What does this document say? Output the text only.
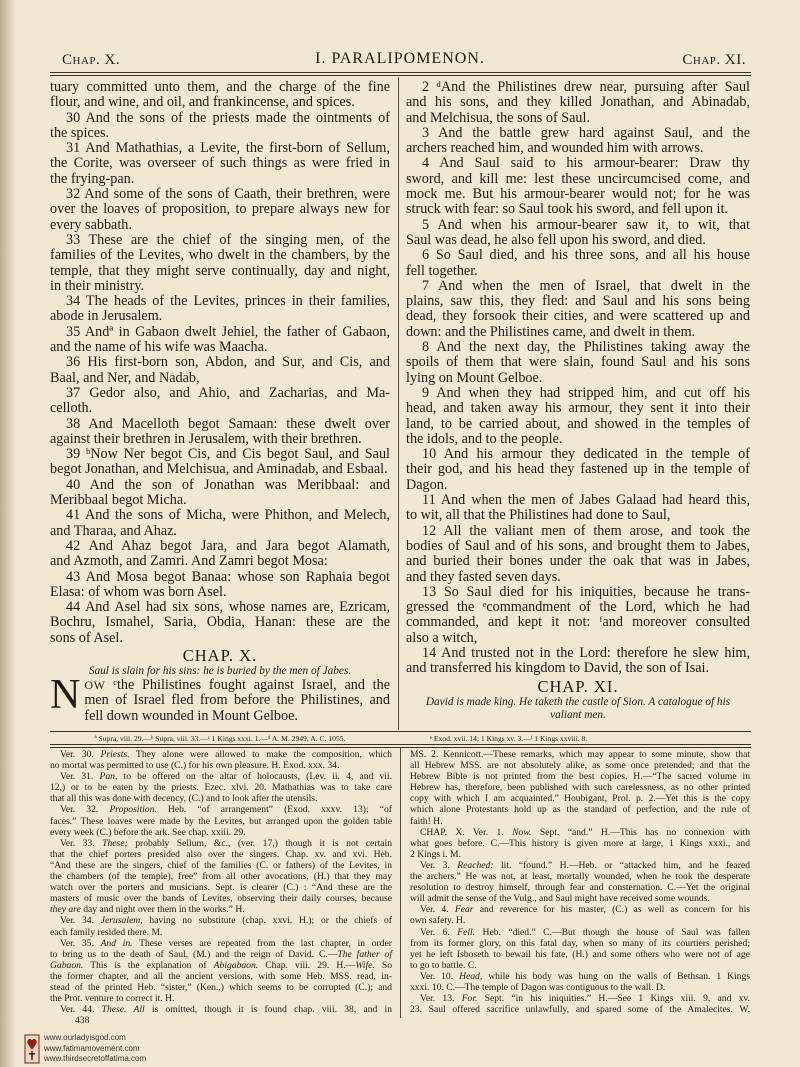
Chap. X.	I. PARALIPOMENON.	Chap. XI.
tuary committed unto them, and the charge of the fine
flour, and wine, and oil, and frankincense, and spices.
30 And the sons of the priests made the ointments of
the spices.
31 And Mathathias, a Levite, the first-born of Sellum,
the Corite, was overseer of such things as were fried in
the frying-pan.
32 And some of the sons of Caath, their brethren, were
over the loaves of proposition, to prepare always new for
every sabbath.
33 These are the chief of the singing men, of the
families of the Levites, who dwelt in the chambers, by the
temple, that they might serve continually, day and night,
in their ministry.
34 The heads of the Levites, princes in their families,
abode in Jerusalem.
35 Andª in Gabaon dwelt Jehiel, the father of Gabaon,
and the name of his wife was Maacha.
36 His first-born son, Abdon, and Sur, and Cis, and
Baal, and Ner, and Nadab,
37 Gedor also, and Ahio, and Zacharias, and Ma-
celloth.
38 And Macelloth begot Samaan: these dwelt over
against their brethren in Jerusalem, with their brethren.
39 ᵇNow Ner begot Cis, and Cis begot Saul, and Saul
begot Jonathan, and Melchisua, and Aminadab, and Esbaal.
40 And the son of Jonathan was Meribbaal: and
Meribbaal begot Micha.
41 And the sons of Micha, were Phithon, and Melech,
and Tharaa, and Ahaz.
42 And Ahaz begot Jara, and Jara begot Alamath,
and Azmoth, and Zamri. And Zamri begot Mosa:
43 And Mosa begot Banaa: whose son Raphaia begot
Elasa: of whom was born Asel.
44 And Asel had six sons, whose names are, Ezricam,
Bochru, Ismahel, Saria, Obdia, Hanan: these are the
sons of Asel.
CHAP. X.
Saul is slain for his sins: he is buried by the men of Jabes.
N OW ᶜthe Philistines fought against Israel, and the
men of Israel fled from before the Philistines, and
fell down wounded in Mount Gelboe.
2 ᵈAnd the Philistines drew near, pursuing after Saul
and his sons, and they killed Jonathan, and Abinadab,
and Melchisua, the sons of Saul.
3 And the battle grew hard against Saul, and the
archers reached him, and wounded him with arrows.
4 And Saul said to his armour-bearer: Draw thy
sword, and kill me: lest these uncircumcised come, and
mock me. But his armour-bearer would not; for he was
struck with fear: so Saul took his sword, and fell upon it.
5 And when his armour-bearer saw it, to wit, that
Saul was dead, he also fell upon his sword, and died.
6 So Saul died, and his three sons, and all his house
fell together.
7 And when the men of Israel, that dwelt in the
plains, saw this, they fled: and Saul and his sons being
dead, they forsook their cities, and were scattered up and
down: and the Philistines came, and dwelt in them.
8 And the next day, the Philistines taking away the
spoils of them that were slain, found Saul and his sons
lying on Mount Gelboe.
9 And when they had stripped him, and cut off his
head, and taken away his armour, they sent it into their
land, to be carried about, and showed in the temples of
the idols, and to the people.
10 And his armour they dedicated in the temple of
their god, and his head they fastened up in the temple of
Dagon.
11 And when the men of Jabes Galaad had heard this,
to wit, all that the Philistines had done to Saul,
12 All the valiant men of them arose, and took the
bodies of Saul and of his sons, and brought them to Jabes,
and buried their bones under the oak that was in Jabes,
and they fasted seven days.
13 So Saul died for his iniquities, because he trans-
gressed the ᵉcommandment of the Lord, which he had
commanded, and kept it not: ᶠand moreover consulted
also a witch,
14 And trusted not in the Lord: therefore he slew him,
and transferred his kingdom to David, the son of Isai.
CHAP. XI.
David is made king. He taketh the castle of Sion. A catalogue of his
valiant men.
ª Supra, viii. 29.—ᵇ Supra, viii. 33.—ᶜ 1 Kings xxxi. 1.—ᵈ A. M. 2949, A. C. 1055.	ᵉ Exod. xvii. 14; 1 Kings xv. 3.—ᶠ 1 Kings xxviii. 8.
Ver. 30. Priests. They alone were allowed to make the composition, which
no mortal was permitted to use (C.) for his own pleasure. H. Exod. xxx. 34.
Ver. 31. Pan, to be offered on the altar of holocausts, (Lev. ii. 4, and vii.
12,) or to be eaten by the priests. Ezec. xlvi. 20. Mathathias was to take care
that all this was done with decency, (C.) and to look after the utensils.
Ver. 32. Proposition. Heb. “of arrangement” (Exod. xxxv. 13); “of
faces.” These loaves were made by the Levites, but arranged upon the golden table
every week (C.) before the ark. See chap. xxiii. 29.
Ver. 33. These; probably Sellum, &c., (ver. 17,) though it is not certain
that the chief porters presided also over the singers. Chap. xv. and xvi. Heb.
“And these are the singers, chief of the families (C. or fathers) of the Levites, in
the chambers (of the temple), free” from all other avocations, (H.) that they may
watch over the porters and musicians. Sept. is clearer (C.) : “And these are the
masters of music over the bands of Levites, observing their daily courses, because
they are day and night over them in the works.” H.
Ver. 34. Jerusalem, having no substitute (chap. xxvi. H.); or the chiefs of
each family resided there. M.
Ver. 35. And in. These verses are repeated from the last chapter, in order
to bring us to the death of Saul, (M.) and the reign of David. C.—The father of
Gabaon. This is the explanation of Abigabaon. Chap. viii. 29. H.—Wife. So
the former chapter, and all the ancient versions, with some Heb. MSS. read, in-
stead of the printed Heb. “sister,” (Ken.,) which seems to be corrupted (C.); and
the Prot. venture to correct it. H.
Ver. 44. These. All is omitted, though it is found chap. viii. 38, and in
438
MS. 2. Kennicott.—These remarks, which may appear to some minute, show that
all Hebrew MSS. are not absolutely alike, as some once pretended; and that the
Hebrew Bible is not printed from the best copies. H.—“The sacred volume in
Hebrew has, therefore, been published with such carelessness, as no other printed
copy with which I am acquainted.” Houbigant, Prol. p. 2.—Yet this is the copy
which alone Protestants hold up as the standard of perfection, and the rule of
faith! H.
CHAP. X. Ver. 1. Now. Sept. “and.” H.—This has no connexion with
what goes before. C.—This history is given more at large, 1 Kings xxxi., and
2 Kings i. M.
Ver. 3. Reached: lit. “found.” H.—Heb. or “attacked him, and he feared
the archers.” He was not, at least, mortally wounded, when he took the desperate
resolution to destroy himself, through fear and consternation. C.—Yet the original
will admit the sense of the Vulg., and Saul might have received some wounds.
Ver. 4. Fear and reverence for his master, (C.) as well as concern for his
own safety. H.
Ver. 6. Fell. Heb. “died.” C.—But though the house of Saul was fallen
from its former glory, on this fatal day, when so many of its courtiers perished;
yet he left Isboseth to bewail his fate, (H.) and some others who were not of age
to go to battle. C.
Ver. 10. Head, while his body was hung on the walls of Bethsan. 1 Kings
xxxi. 10. C.—The temple of Dagon was contiguous to the wall. D.
Ver. 13. For. Sept. “in his iniquities.” H.—See 1 Kings xiii. 9, and xv.
23. Saul offered sacrifice unlawfully, and spared some of the Amalecites. W.
www.ourladyisgod.com
www.fatimamovement.com
www.thirdsecretoffatima.com
